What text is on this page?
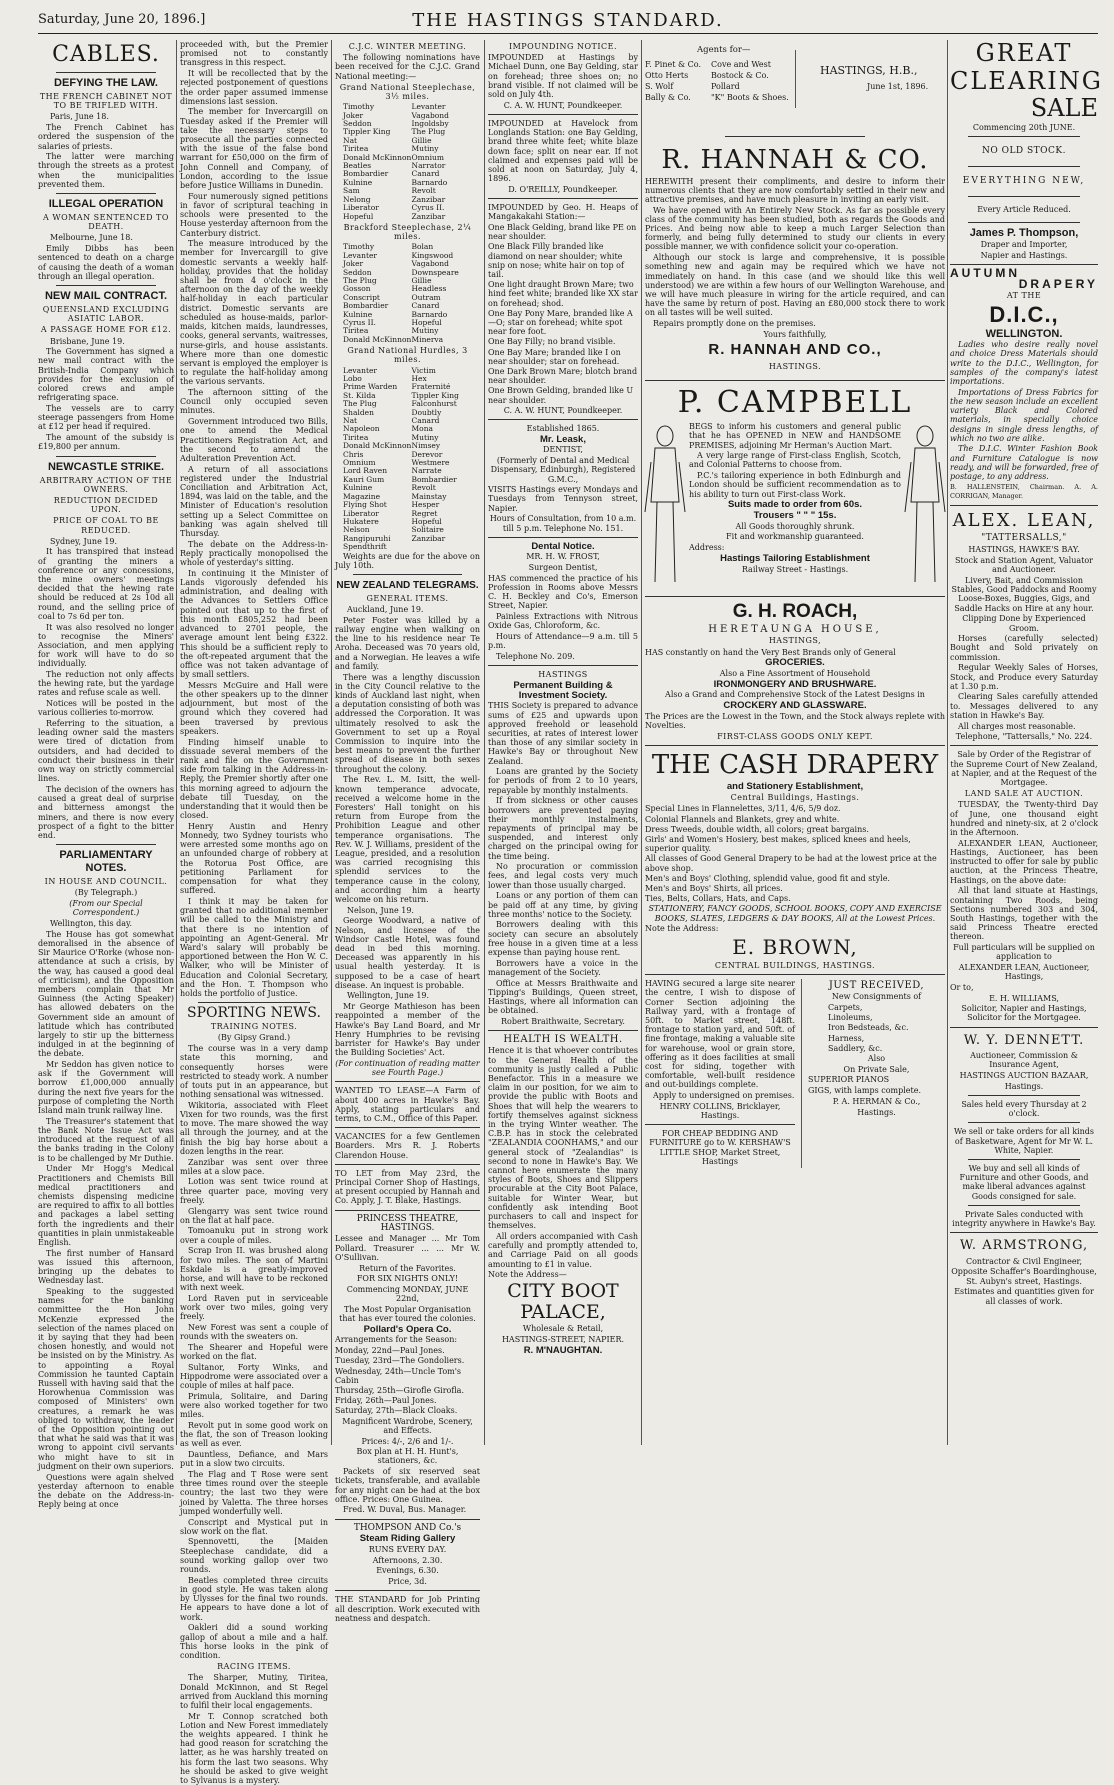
Saturday, June 20, 1896.]	THE HASTINGS STANDARD.
CABLES.
DEFYING THE LAW.

THE FRENCH CABINET NOT TO BE TRIFLED WITH.

Paris, June 18.

The French Cabinet has ordered the suspension of the salaries of priests.

The latter were marching through the streets as a protest when the municipalities prevented them.

ILLEGAL OPERATION

A WOMAN SENTENCED TO DEATH.

Melbourne, June 18.

Emily Dibbs has been sentenced to death on a charge of causing the death of a woman through an illegal operation.

NEW MAIL CONTRACT.

QUEENSLAND EXCLUDING ASIATIC LABOR.

A PASSAGE HOME FOR £12.

Brisbane, June 19.

The Government has signed a new mail contract with the British-India Company which provides for the exclusion of colored crews and ample refrigerating space.

The vessels are to carry steerage passengers from Home at £12 per head if required.

The amount of the subsidy is £19,800 per annum.

NEWCASTLE STRIKE.

ARBITRARY ACTION OF THE OWNERS.

REDUCTION DECIDED UPON.

PRICE OF COAL TO BE REDUCED.

Sydney, June 19.

It has transpired that instead of granting the miners a conference or any concessions, the mine owners' meetings decided that the hewing rate should be reduced at 2s 10d all round, and the selling price of coal to 7s 6d per ton.

It was also resolved no longer to recognise the Miners' Association, and men applying for work will have to do so individually.

The reduction not only affects the hewing rate, but the yardage rates and refuse scale as well.

Notices will be posted in the various collieries to-morrow.

Referring to the situation, a leading owner said the masters were tired of dictation from outsiders, and had decided to conduct their business in their own way on strictly commercial lines.

The decision of the owners has caused a great deal of surprise and bitterness amongst the miners, and there is now every prospect of a fight to the bitter end.

PARLIAMENTARY NOTES.

IN HOUSE AND COUNCIL.

(By Telegraph.)

(From our Special Correspondent.)

Wellington, this day.

The House has got somewhat demoralised in the absence of Sir Maurice O'Rorke (whose non-attendance at such a crisis, by the way, has caused a good deal of criticism), and the Opposition members complain that Mr Guinness (the Acting Speaker) has allowed debaters on the Government side an amount of latitude which has contributed largely to stir up the bitterness indulged in at the beginning of the debate.

Mr Seddon has given notice to ask if the Government will borrow £1,000,000 annually during the next five years for the purpose of completing the North Island main trunk railway line.

The Treasurer's statement that the Bank Note Issue Act was introduced at the request of all the banks trading in the Colony is to be challenged by Mr Duthie.

Under Mr Hogg's Medical Practitioners and Chemists Bill medical practitioners and chemists dispensing medicine are required to affix to all bottles and packages a label setting forth the ingredients and their quantities in plain unmistakeable English.

The first number of Hansard was issued this afternoon, bringing up the debates to Wednesday last.

Speaking to the suggested names for the banking committee the Hon John McKenzie expressed the selection of the names placed on it by saying that they had been chosen honestly, and would not be insisted on by the Ministry. As to appointing a Royal Commission he taunted Captain Russell with having said that the Horowhenua Commission was composed of Ministers' own creatures, a remark he was obliged to withdraw, the leader of the Opposition pointing out that what he said was that it was wrong to appoint civil servants who might have to sit in judgment on their own superiors.

Questions were again shelved yesterday afternoon to enable the debate on the Address-in-Reply being at once

proceeded with, but the Premier promised not to constantly transgress in this respect.

It will be recollected that by the rejected postponement of questions the order paper assumed immense dimensions last session.

The member for Invercargill on Tuesday asked if the Premier will take the necessary steps to prosecute all the parties connected with the issue of the false bond warrant for £50,000 on the firm of John Connell and Company, of London, according to the issue before Justice Williams in Dunedin.

Four numerously signed petitions in favor of scriptural teaching in schools were presented to the House yesterday afternoon from the Canterbury district.

The measure introduced by the member for Invercargill to give domestic servants a weekly half-holiday, provides that the holiday shall be from 4 o'clock in the afternoon on the day of the weekly half-holiday in each particular district. Domestic servants are scheduled as house-maids, parlor-maids, kitchen maids, laundresses, cooks, general servants, waitresses, nurse-girls, and house assistants. Where more than one domestic servant is employed the employer is to regulate the half-holiday among the various servants.

The afternoon sitting of the Council only occupied seven minutes.

Government introduced two Bills, one to amend the Medical Practitioners Registration Act, and the second to amend the Adulteration Prevention Act.

A return of all associations registered under the Industrial Conciliation and Arbitration Act, 1894, was laid on the table, and the Minister of Education's resolution setting up a Select Committee on banking was again shelved till Thursday.

The debate on the Address-in-Reply practically monopolised the whole of yesterday's sitting.

In continuing it the Minister of Lands vigorously defended his administration, and dealing with the Advances to Settlers Office pointed out that up to the first of this month £805,252 had been advanced to 2701 people, the average amount lent being £322. This should be a sufficient reply to the oft-repeated argument that the office was not taken advantage of by small settlers.

Messrs McGuire and Hall were the other speakers up to the dinner adjournment, but most of the ground which they covered had been traversed by previous speakers.

Finding himself unable to dissuade several members of the rank and file on the Government side from talking in the Address-in-Reply, the Premier shortly after one this morning agreed to adjourn the debate till Tuesday, on the understanding that it would then be closed.

Henry Austin and Henry Monnedy, two Sydney tourists who were arrested some months ago on an unfounded charge of robbery at the Rotorua Post Office, are petitioning Parliament for compensation for what they suffered.

I think it may be taken for granted that no additional member will be called to the Ministry and that there is no intention of appointing an Agent-General. Mr Ward's salary will probably be apportioned between the Hon W. C. Walker, who will be Minister of Education and Colonial Secretary, and the Hon. T. Thompson who holds the portfolio of Justice.

SPORTING NEWS.

TRAINING NOTES.

(By Gipsy Grand.)

The course was in a very damp state this morning, and consequently horses were restricted to steady work. A number of touts put in an appearance, but nothing sensational was witnessed.

Wikitoria, associated with Fleet Vixen for two rounds, was the first to move. The mare showed the way all through the journey, and at the finish the big bay horse about a dozen lengths in the rear.

Zanzibar was sent over three miles at a slow pace.

Lotion was sent twice round at three quarter pace, moving very freely.

Glengarry was sent twice round on the flat at half pace.

Tomoanuku put in strong work over a couple of miles.

Scrap Iron II. was brushed along for two miles. The son of Martini Eskdale is a greatly-improved horse, and will have to be reckoned with next week.

Lord Raven put in serviceable work over two miles, going very freely.

New Forest was sent a couple of rounds with the sweaters on.

The Shearer and Hopeful were worked on the flat.

Sultanor, Forty Winks, and Hippodrome were associated over a couple of miles at half pace.

Primula, Solitaire, and Daring were also worked together for two miles.

Revolt put in some good work on the flat, the son of Treason looking as well as ever.

Dauntless, Defiance, and Mars put in a slow two circuits.

The Flag and T Rose were sent three times round over the steeple country; the last two they were joined by Valetta. The three horses jumped wonderfully well.

Conscript and Mystical put in slow work on the flat.

Spennovetti, the [Maiden Steeplechase candidate, did a sound working gallop over two rounds.

Beatles completed three circuits in good style. He was taken along by Ulysses for the final two rounds. He appears to have done a lot of work.

Oakleri did a sound working gallop of about a mile and a half. This horse looks in the pink of condition.

RACING ITEMS.

The Sharper, Mutiny, Tiritea, Donald McKinnon, and St Regel arrived from Auckland this morning to fulfil their local engagements.

Mr T. Connop scratched both Lotion and New Forest immediately the weights appeared. I think he had good reason for scratching the latter, as he was harshly treated on his form the last two seasons. Why he should be asked to give weight to Sylvanus is a mystery.

C.J.C. WINTER MEETING.

The following nominations have been received for the C.J.C. Grand National meeting:—

Grand National Steeplechase, 3½ miles.

Timothy	Levanter
Joker	Vagabond
Seddon	Ingoldsby
Tippler King	The Plug
Nat	Gillie
Tiritea	Mutiny
Donald McKinnon Omnium
Beatles	Narrator
Bombardier	Canard
Kulnine	Barnardo
Sam	Revolt
Nelong	Zanzibar
Liberator	Cyrus II.
Hopeful	Zanzibar

Brackford Steeplechase, 2¼ miles.

Timothy	Bolan
Levanter	Kingswood
Joker	Vagabond
Seddon	Downspeare
The Plug	Gillie
Gosson	Headless
Conscript	Outram
Bombardier	Canard
Kulnine	Barnardo
Cyrus II.	Hopeful
Tiritea	Mutiny
Donald McKinnon Minerva

Grand National Hurdles, 3 miles.

Levanter	Victim
Lobo	Hex
Prime Warden	Fraternité
St. Kilda	Tippler King
The Plug	Falconhurst
Shalden	Doubtly
Nat	Canard
Napoleon	Mona
Tiritea	Mutiny
Donald McKinnon Nimsey
Chris	Derevor
Omnium	Westmere
Lord Raven	Narrate
Kauri Gum	Bombardier
Kulnine	Revolt
Magazine	Mainstay
Flying Shot	Hesper
Liberator	Regret
Hukatere	Hopeful
Nelson	Solitaire
Rangipuruhi	Zanzibar
Spendthrift

Weights are due for the above on July 10th.

NEW ZEALAND TELEGRAMS.

GENERAL ITEMS.

Auckland, June 19.

Peter Foster was killed by a railway engine when walking on the line to his residence near Te Aroha. Deceased was 70 years old, and a Norwegian. He leaves a wife and family.

There was a lengthy discussion in the City Council relative to the kinds of Auckland last night, when a deputation consisting of both was addressed the Corporation. It was ultimately resolved to ask the Government to set up a Royal Commission to inquire into the best means to prevent the further spread of disease in both sexes throughout the colony.

The Rev. L. M. Isitt, the well-known temperance advocate, received a welcome home in the Foresters' Hall tonight on his return from Europe from the Prohibition League and other temperance organisations. The Rev. W. J. Williams, president of the League, presided, and a resolution was carried recognising this splendid services to the temperance cause in the colony, and according him a hearty welcome on his return.

Nelson, June 19.

George Woodward, a native of Nelson, and licensee of the Windsor Castle Hotel, was found dead in bed this morning. Deceased was apparently in his usual health yesterday. It is supposed to be a case of heart disease. An inquest is probable.

Wellington, June 19.

Mr George Mathieson has been reappointed a member of the Hawke's Bay Land Board, and Mr Henry Humphries to be revising barrister for Hawke's Bay under the Building Societies' Act.

(For continuation of reading matter see Fourth Page.)

WANTED TO LEASE—A Farm of about 400 acres in Hawke's Bay. Apply, stating particulars and terms, to C.M., Office of this Paper.

VACANCIES for a few Gentlemen Boarders. Mrs R. J. Roberts Clarendon House.

TO LET from May 23rd, the Principal Corner Shop of Hastings, at present occupied by Hannah and Co. Apply, J. T. Blake, Hastings.

PRINCESS THEATRE, HASTINGS.

Lessee and Manager ... Mr Tom Pollard. Treasurer ... ... Mr W. O'Sullivan.

Return of the Favorites.

FOR SIX NIGHTS ONLY!

Commencing MONDAY, JUNE 22nd,

The Most Popular Organisation that has ever toured the colonies.

Pollard's Opera Co.

Arrangements for the Season:

Monday, 22nd—Paul Jones.
Tuesday, 23rd—The Gondoliers.
Wednesday, 24th—Uncle Tom's Cabin
Thursday, 25th—Girofle Girofla.
Friday, 26th—Paul Jones.
Saturday, 27th—Black Cloaks.

Magnificent Wardrobe, Scenery, and Effects.

Prices: 4/-, 2/6 and 1/-.

Box plan at H. H. Hunt's, stationers, &c.

Packets of six reserved seat tickets, transferable, and available for any night can be had at the box office. Prices: One Guinea.

Fred. W. Duval, Bus. Manager.

THOMPSON AND Co.'s

Steam Riding Gallery

RUNS EVERY DAY.

Afternoons, 2.30.

Evenings, 6.30.

Price, 3d.

THE STANDARD for Job Printing all description. Work executed with neatness and despatch.

IMPOUNDING NOTICE.

IMPOUNDED at Hastings by Michael Dunn, one Bay Gelding, star on forehead; three shoes on; no brand visible. If not claimed will be sold on July 4th.

C. A. W. HUNT, Poundkeeper.

IMPOUNDED at Havelock from Longlands Station: one Bay Gelding, brand three white feet; white blaze down face; split on near ear. If not claimed and expenses paid will be sold at noon on Saturday, July 4, 1896.

D. O'REILLY, Poundkeeper.

IMPOUNDED by Geo. H. Heaps of Mangakakahi Station:—

One Black Gelding, brand like PE on near shoulder.
One Black Filly branded like diamond on near shoulder; white snip on nose; white hair on top of tail.
One light draught Brown Mare; two hind feet white; branded like XX star on forehead; shod.
One Bay Pony Mare, branded like A—O; star on forehead; white spot near fore foot.
One Bay Filly; no brand visible.
One Bay Mare; branded like I on near shoulder; star on forehead.
One Dark Brown Mare; blotch brand near shoulder.
One Brown Gelding, branded like U near shoulder.

C. A. W. HUNT, Poundkeeper.

Established 1865.

Mr. Leask,

DENTIST,

(Formerly of Dental and Medical Dispensary, Edinburgh), Registered G.M.C.,

VISITS Hastings every Mondays and Tuesdays from Tennyson street, Napier.

Hours of Consultation, from 10 a.m. till 5 p.m. Telephone No. 151.

Dental Notice.

MR. H. W. FROST,

Surgeon Dentist,

HAS commenced the practice of his Profession in Rooms above Messrs C. H. Beckley and Co's, Emerson Street, Napier.

Painless Extractions with Nitrous Oxide Gas, Chloroform, &c.

Hours of Attendance—9 a.m. till 5 p.m.

Telephone No. 209.

HASTINGS

Permanent Building & Investment Society.

THIS Society is prepared to advance sums of £25 and upwards upon approved freehold or leasehold securities, at rates of interest lower than those of any similar society in Hawke's Bay or throughout New Zealand.

Loans are granted by the Society for periods of from 2 to 10 years, repayable by monthly instalments.

If from sickness or other causes borrowers are prevented paying their monthly instalments, repayments of principal may be suspended, and interest only charged on the principal owing for the time being.

No procuration or commission fees, and legal costs very much lower than those usually charged.

Loans or any portion of them can be paid off at any time, by giving three months' notice to the Society.

Borrowers dealing with this society can secure an absolutely free house in a given time at a less expense than paying house rent.

Borrowers have a voice in the management of the Society.

Office at Messrs Braithwaite and Tipping's Buildings, Queen street, Hastings, where all information can be obtained.

Robert Braithwaite, Secretary.

HEALTH IS WEALTH.

Hence it is that whoever contributes to the General Health of the community is justly called a Public Benefactor. This in a measure we claim in our position, for we aim to provide the public with Boots and Shoes that will help the wearers to fortify themselves against sickness in the trying Winter weather. The C.B.P. has in stock the celebrated "ZEALANDIA COONHAMS," and our general stock of "Zealandias" is second to none in Hawke's Bay. We cannot here enumerate the many styles of Boots, Shoes and Slippers procurable at the City Boot Palace, suitable for Winter Wear, but confidently ask intending Boot purchasers to call and inspect for themselves.

All orders accompanied with Cash carefully and promptly attended to, and Carriage Paid on all goods amounting to £1 in value.

Note the Address—

CITY BOOT PALACE,

Wholesale & Retail,

HASTINGS-STREET, NAPIER.

R. M'NAUGHTAN.

Agents for—
F. Pinet & Co.
Otto Herts
S. Wolf
Bally & Co.
Cove and West
Bostock & Co.
Pollard
"K" Boots & Shoes.
HASTINGS, H.B.,
June 1st, 1896.

R. HANNAH & CO.

HEREWITH present their compliments, and desire to inform their numerous clients that they are now comfortably settled in their new and attractive premises, and have much pleasure in inviting an early visit.

We have opened with An Entirely New Stock. As far as possible every class of the community has been studied, both as regards the Goods and Prices. And being now able to keep a much Larger Selection than formerly, and being fully determined to study our clients in every possible manner, we with confidence solicit your co-operation.

Although our stock is large and comprehensive, it is possible something new and again may be required which we have not immediately on hand. In this case (and we should like this well understood) we are within a few hours of our Wellington Warehouse, and we will have much pleasure in wiring for the article required, and can have the same by return of post. Having an £80,000 stock there to work on all tastes will be well suited.

Repairs promptly done on the premises.

Yours faithfully,

R. HANNAH AND CO.,

HASTINGS.

P. CAMPBELL

BEGS to inform his customers and general public that he has OPENED in NEW and HANDSOME PREMISES, adjoining Mr Herman's Auction Mart.

A very large range of First-class English, Scotch, and Colonial Patterns to choose from.

P.C.'s tailoring experience in both Edinburgh and London should be sufficient recommendation as to his ability to turn out First-class Work.

Suits made to order from 60s.

Trousers " " " 15s.

All Goods thoroughly shrunk.

Fit and workmanship guaranteed.

Address:

Hastings Tailoring Establishment

Railway Street - Hastings.

G. H. ROACH,

HERETAUNGA HOUSE,

HASTINGS,

HAS constantly on hand the Very Best Brands only of General

GROCERIES.

Also a Fine Assortment of Household

IRONMONGERY AND BRUSHWARE.

Also a Grand and Comprehensive Stock of the Latest Designs in

CROCKERY AND GLASSWARE.

The Prices are the Lowest in the Town, and the Stock always replete with Novelties.

FIRST-CLASS GOODS ONLY KEPT.

THE CASH DRAPERY

and Stationery Establishment,

Central Buildings, Hastings.

Special Lines in Flannelettes, 3/11, 4/6, 5/9 doz.
Colonial Flannels and Blankets, grey and white.
Dress Tweeds, double width, all colors; great bargains.
Girls' and Women's Hosiery, best makes, spliced knees and heels, superior quality.
All classes of Good General Drapery to be had at the lowest price at the above shop.
Men's and Boys' Clothing, splendid value, good fit and style.
Men's and Boys' Shirts, all prices.
Ties, Belts, Collars, Hats, and Caps.

STATIONERY, FANCY GOODS, SCHOOL BOOKS, COPY AND EXERCISE BOOKS, SLATES, LEDGERS & DAY BOOKS, All at the Lowest Prices.

Note the Address:

E. BROWN,

CENTRAL BUILDINGS, HASTINGS.

HAVING secured a large site nearer the centre, I wish to dispose of Corner Section adjoining the Railway yard, with a frontage of 50ft. to Market street, 148ft. frontage to station yard, and 50ft. of fine frontage, making a valuable site for warehouse, wool or grain store, offering as it does facilities at small cost for siding, together with comfortable, well-built residence and out-buildings complete.

Apply to undersigned on premises.

HENRY COLLINS, Bricklayer, Hastings.

FOR CHEAP BEDDING AND FURNITURE go to W. KERSHAW'S LITTLE SHOP, Market Street, Hastings

JUST RECEIVED,

New Consignments of

Carpets,
Linoleums,
Iron Bedsteads, &c.
Harness,
Saddlery, &c.

Also

On Private Sale,

SUPERIOR PIANOS

GIGS, with lamps complete.

P. A. HERMAN & Co.,

Hastings.

GREAT

CLEARING

SALE

Commencing 20th JUNE.

NO OLD STOCK.

EVERYTHING NEW,

Every Article Reduced.

James P. Thompson,

Draper and Importer,

Napier and Hastings.

AUTUMN

DRAPERY

AT THE

D.I.C.,

WELLINGTON.

Ladies who desire really novel and choice Dress Materials should write to the D.I.C., Wellington, for samples of the company's latest importations.

Importations of Dress Fabrics for the new season include an excellent variety Black and Colored materials, in specially choice designs in single dress lengths, of which no two are alike.

The D.I.C. Winter Fashion Book and Furniture Catalogue is now ready, and will be forwarded, free of postage, to any address.

B. HALLENSTEIN, Chairman. A. A. CORRIGAN, Manager.

ALEX. LEAN,

"TATTERSALLS,"

HASTINGS, HAWKE'S BAY.

Stock and Station Agent, Valuator and Auctioneer.

Livery, Bait, and Commission Stables, Good Paddocks and Roomy Loose-Boxes, Buggies, Gigs, and Saddle Hacks on Hire at any hour.

Clipping Done by Experienced Groom.

Horses (carefully selected) Bought and Sold privately on commission.

Regular Weekly Sales of Horses, Stock, and Produce every Saturday at 1.30 p.m.

Clearing Sales carefully attended to. Messages delivered to any station in Hawke's Bay.

All charges most reasonable.

Telephone, "Tattersalls," No. 224.

Sale by Order of the Registrar of the Supreme Court of New Zealand, at Napier, and at the Request of the Mortgagee.

LAND SALE AT AUCTION.

TUESDAY, the Twenty-third Day of June, one thousand eight hundred and ninety-six, at 2 o'clock in the Afternoon.

ALEXANDER LEAN, Auctioneer, Hastings, Auctioneer, has been instructed to offer for sale by public auction, at the Princess Theatre, Hastings, on the above date:

All that land situate at Hastings, containing Two Roods, being Sections numbered 303 and 304, South Hastings, together with the said Princess Theatre erected thereon.

Full particulars will be supplied on application to

ALEXANDER LEAN, Auctioneer, Hastings,

Or to,

E. H. WILLIAMS,

Solicitor, Napier and Hastings, Solicitor for the Mortgagee.

W. Y. DENNETT.

Auctioneer, Commission & Insurance Agent,

HASTINGS AUCTION BAZAAR,

Hastings.

Sales held every Thursday at 2 o'clock.

We sell or take orders for all kinds of Basketware, Agent for Mr W. L. White, Napier.

We buy and sell all kinds of Furniture and other Goods, and make liberal advances against Goods consigned for sale.

Private Sales conducted with integrity anywhere in Hawke's Bay.

W. ARMSTRONG,

Contractor & Civil Engineer,

Opposite Schaffer's Boardinghouse, St. Aubyn's street, Hastings.

Estimates and quantities given for all classes of work.
